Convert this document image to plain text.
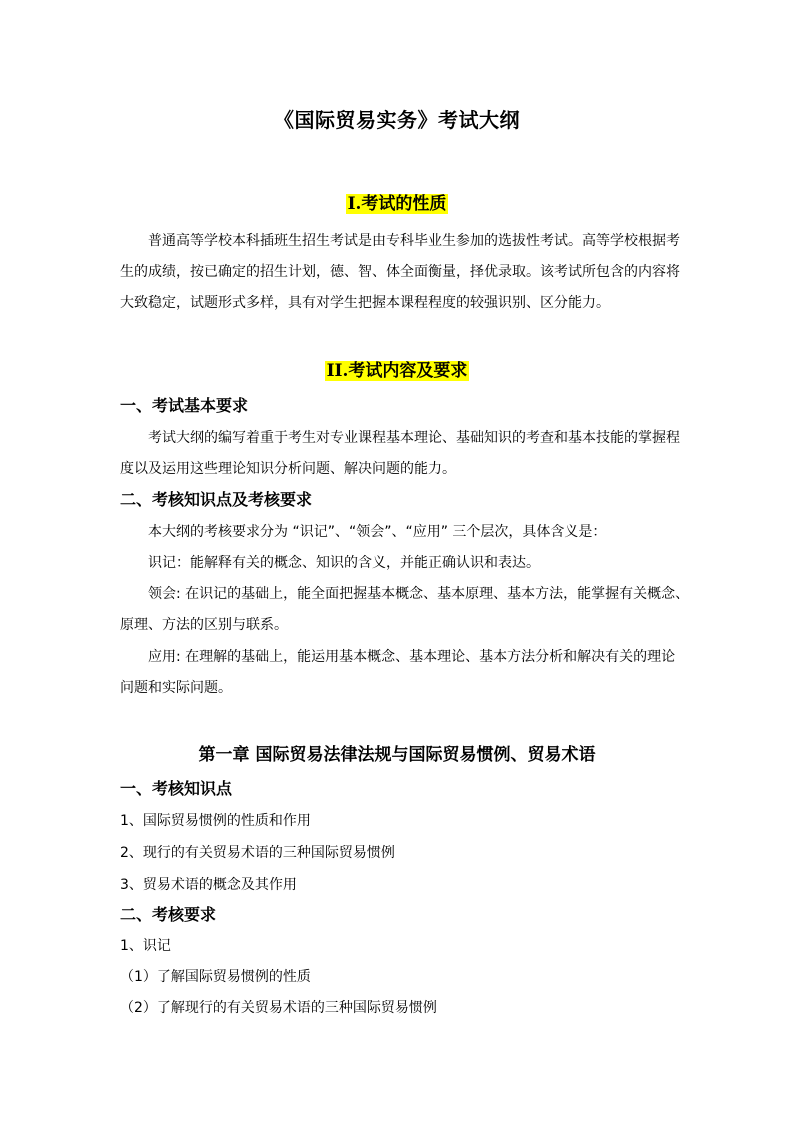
《国际贸易实务》考试大纲
I.考试的性质
普通高等学校本科插班生招生考试是由专科毕业生参加的选拔性考试。高等学校根据考
生的成绩，按已确定的招生计划，德、智、体全面衡量，择优录取。该考试所包含的内容将
大致稳定，试题形式多样，具有对学生把握本课程程度的较强识别、区分能力。
II.考试内容及要求
一、考试基本要求
考试大纲的编写着重于考生对专业课程基本理论、基础知识的考查和基本技能的掌握程
度以及运用这些理论知识分析问题、解决问题的能力。
二、考核知识点及考核要求
本大纲的考核要求分为 “识记”、“领会”、“应用” 三个层次，具体含义是：
识记：能解释有关的概念、知识的含义，并能正确认识和表达。
领会: 在识记的基础上，能全面把握基本概念、基本原理、基本方法，能掌握有关概念、
原理、方法的区别与联系。
应用: 在理解的基础上，能运用基本概念、基本理论、基本方法分析和解决有关的理论
问题和实际问题。
第一章 国际贸易法律法规与国际贸易惯例、贸易术语
一、考核知识点
1、国际贸易惯例的性质和作用
2、现行的有关贸易术语的三种国际贸易惯例
3、贸易术语的概念及其作用
二、考核要求
1、识记
（1）了解国际贸易惯例的性质
（2）了解现行的有关贸易术语的三种国际贸易惯例
